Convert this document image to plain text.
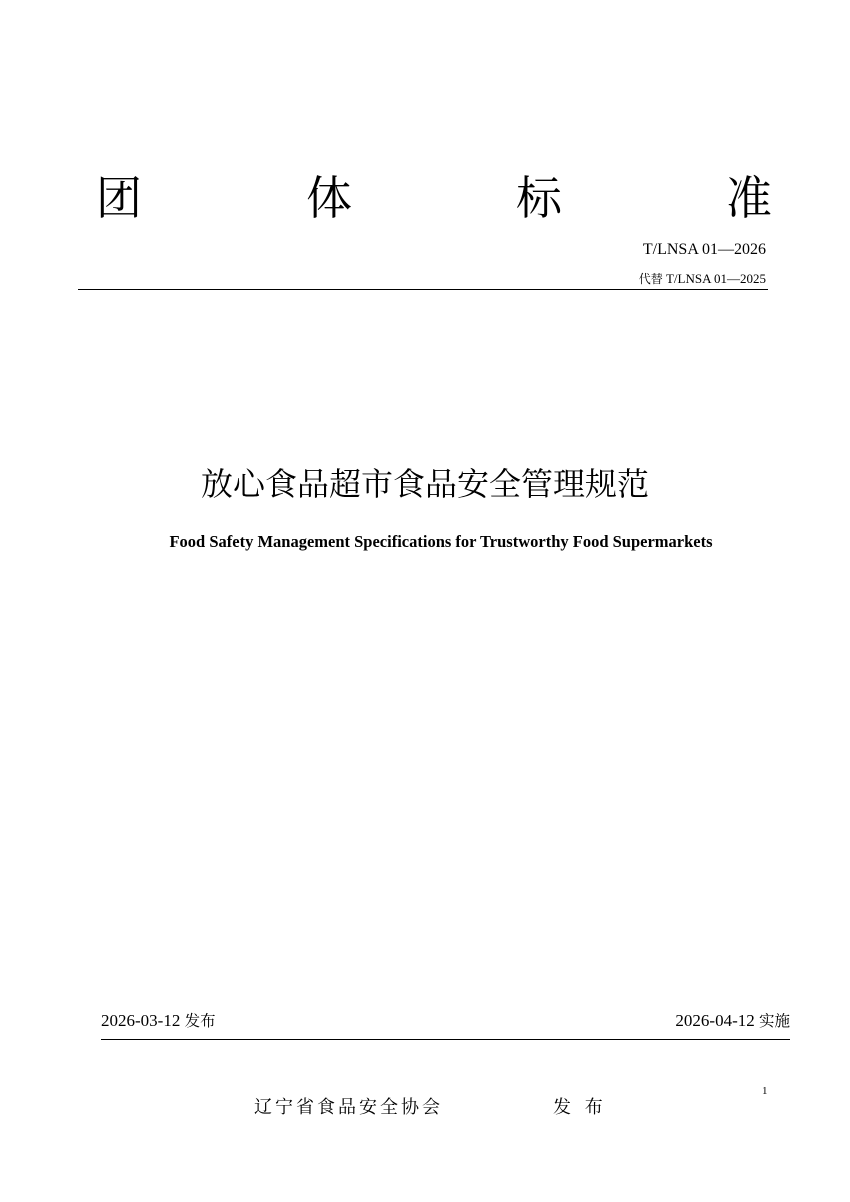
团	体	标	准
T/LNSA 01—2026
代替 T/LNSA 01—2025
放心食品超市食品安全管理规范
Food Safety Management Specifications for Trustworthy Food Supermarkets
2026-03-12 发布	2026-04-12 实施
1
辽宁省食品安全协会	发 布
